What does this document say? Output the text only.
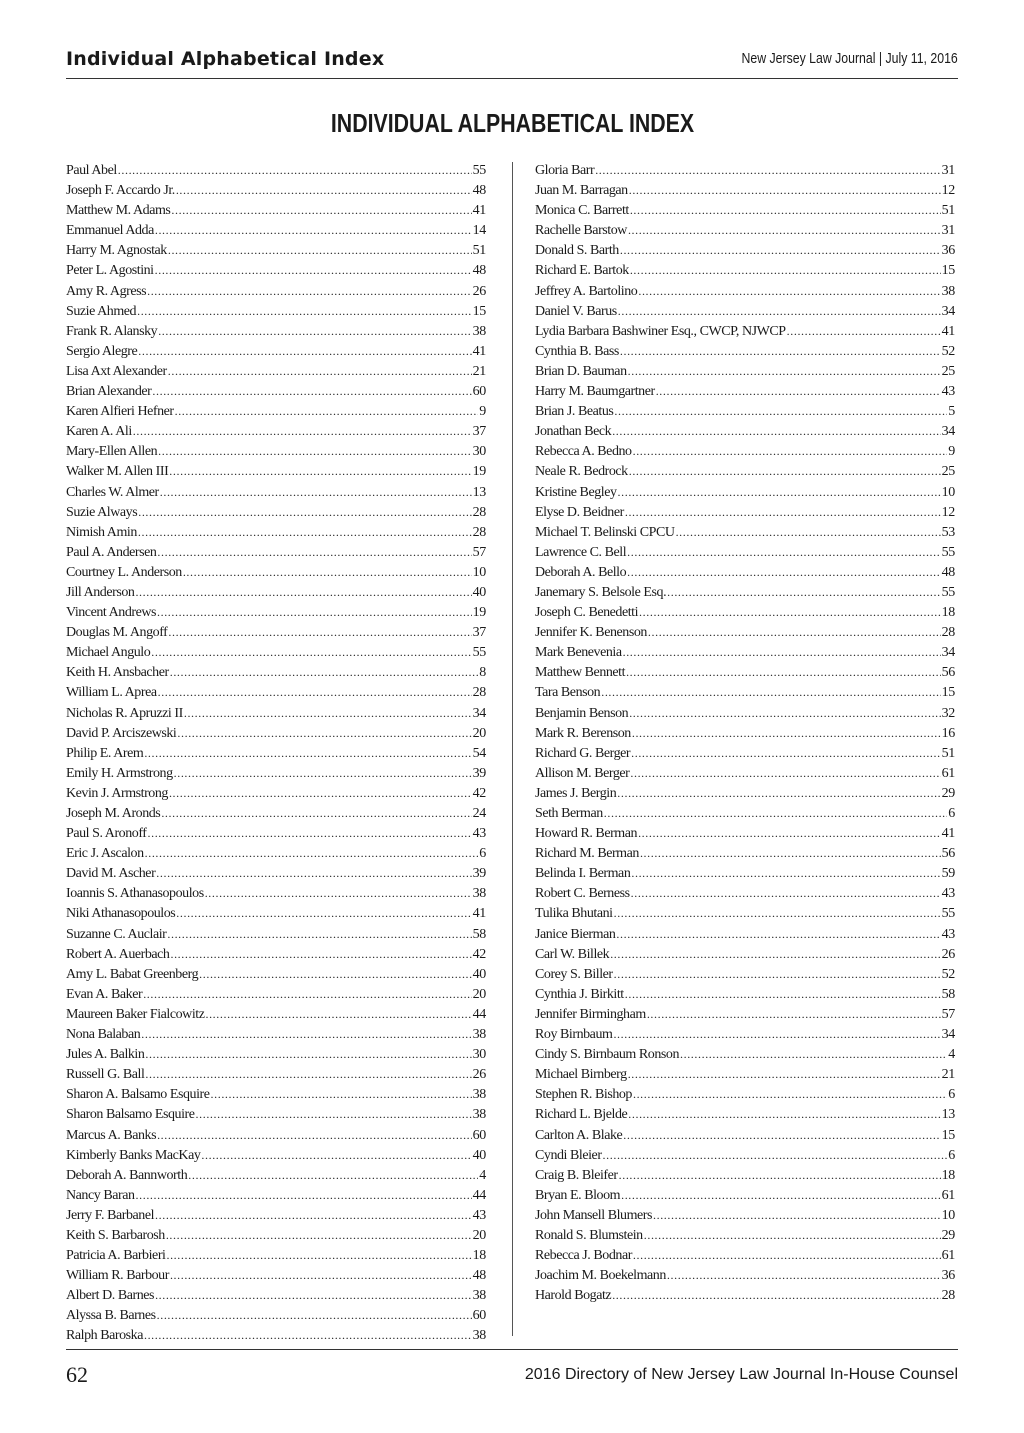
Individual Alphabetical Index	New Jersey Law Journal | July 11, 2016
INDIVIDUAL ALPHABETICAL INDEX
Paul Abel .....	55
Joseph F. Accardo Jr. .....	48
Matthew M. Adams .....	41
Emmanuel Adda .....	14
Harry M. Agnostak .....	51
Peter L. Agostini .....	48
Amy R. Agress .....	26
Suzie Ahmed .....	15
Frank R. Alansky .....	38
Sergio Alegre .....	41
Lisa Axt Alexander .....	21
Brian Alexander .....	60
Karen Alfieri Hefner .....	9
Karen A. Ali .....	37
Mary-Ellen Allen .....	30
Walker M. Allen III .....	19
Charles W. Almer .....	13
Suzie Always .....	28
Nimish Amin .....	28
Paul A. Andersen .....	57
Courtney L. Anderson .....	10
Jill Anderson .....	40
Vincent Andrews .....	19
Douglas M. Angoff .....	37
Michael Angulo .....	55
Keith H. Ansbacher .....	8
William L. Aprea .....	28
Nicholas R. Apruzzi II .....	34
David P. Arciszewski .....	20
Philip E. Arem .....	54
Emily H. Armstrong .....	39
Kevin J. Armstrong .....	42
Joseph M. Aronds .....	24
Paul S. Aronoff .....	43
Eric J. Ascalon .....	6
David M. Ascher .....	39
Ioannis S. Athanasopoulos .....	38
Niki Athanasopoulos .....	41
Suzanne C. Auclair .....	58
Robert A. Auerbach .....	42
Amy L. Babat Greenberg .....	40
Evan A. Baker .....	20
Maureen Baker Fialcowitz .....	44
Nona Balaban .....	38
Jules A. Balkin .....	30
Russell G. Ball .....	26
Sharon A. Balsamo Esquire .....	38
Sharon Balsamo Esquire .....	38
Marcus A. Banks .....	60
Kimberly Banks MacKay .....	40
Deborah A. Bannworth .....	4
Nancy Baran .....	44
Jerry F. Barbanel .....	43
Keith S. Barbarosh .....	20
Patricia A. Barbieri .....	18
William R. Barbour .....	48
Albert D. Barnes .....	38
Alyssa B. Barnes .....	60
Ralph Baroska .....	38
Gloria Barr .....	31
Juan M. Barragan .....	12
Monica C. Barrett .....	51
Rachelle Barstow .....	31
Donald S. Barth .....	36
Richard E. Bartok .....	15
Jeffrey A. Bartolino .....	38
Daniel V. Barus .....	34
Lydia Barbara Bashwiner Esq., CWCP, NJWCP .....	41
Cynthia B. Bass .....	52
Brian D. Bauman .....	25
Harry M. Baumgartner .....	43
Brian J. Beatus .....	5
Jonathan Beck .....	34
Rebecca A. Bedno .....	9
Neale R. Bedrock .....	25
Kristine Begley .....	10
Elyse D. Beidner .....	12
Michael T. Belinski CPCU .....	53
Lawrence C. Bell .....	55
Deborah A. Bello .....	48
Janemary S. Belsole Esq. .....	55
Joseph C. Benedetti .....	18
Jennifer K. Benenson .....	28
Mark Benevenia .....	34
Matthew Bennett .....	56
Tara Benson .....	15
Benjamin Benson .....	32
Mark R. Berenson .....	16
Richard G. Berger .....	51
Allison M. Berger .....	61
James J. Bergin .....	29
Seth Berman .....	6
Howard R. Berman .....	41
Richard M. Berman .....	56
Belinda I. Berman .....	59
Robert C. Berness .....	43
Tulika Bhutani .....	55
Janice Bierman .....	43
Carl W. Billek .....	26
Corey S. Biller .....	52
Cynthia J. Birkitt .....	58
Jennifer Birmingham .....	57
Roy Birnbaum .....	34
Cindy S. Birnbaum Ronson .....	4
Michael Birnberg .....	21
Stephen R. Bishop .....	6
Richard L. Bjelde .....	13
Carlton A. Blake .....	15
Cyndi Bleier .....	6
Craig B. Bleifer .....	18
Bryan E. Bloom .....	61
John Mansell Blumers .....	10
Ronald S. Blumstein .....	29
Rebecca J. Bodnar .....	61
Joachim M. Boekelmann .....	36
Harold Bogatz .....	28
62	2016 Directory of New Jersey Law Journal In-House Counsel
